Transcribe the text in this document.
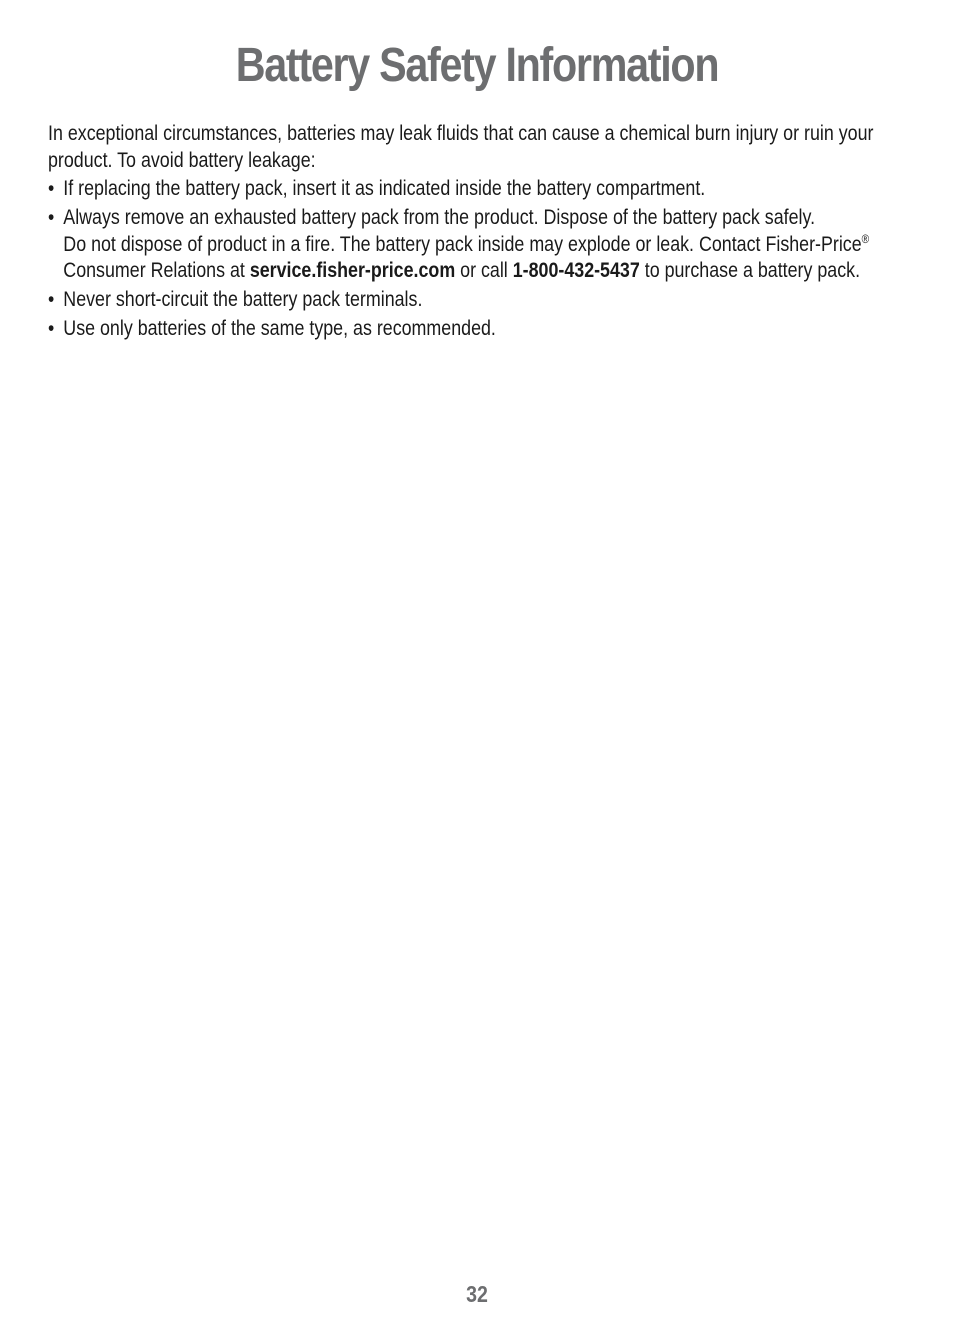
Battery Safety Information

In exceptional circumstances, batteries may leak fluids that can cause a chemical burn injury or ruin your
product. To avoid battery leakage:

• If replacing the battery pack, insert it as indicated inside the battery compartment.
• Always remove an exhausted battery pack from the product. Dispose of the battery pack safely.
Do not dispose of product in a fire. The battery pack inside may explode or leak. Contact Fisher-Price®
Consumer Relations at service.fisher-price.com or call 1-800-432-5437 to purchase a battery pack.
• Never short-circuit the battery pack terminals.
• Use only batteries of the same type, as recommended.
32
